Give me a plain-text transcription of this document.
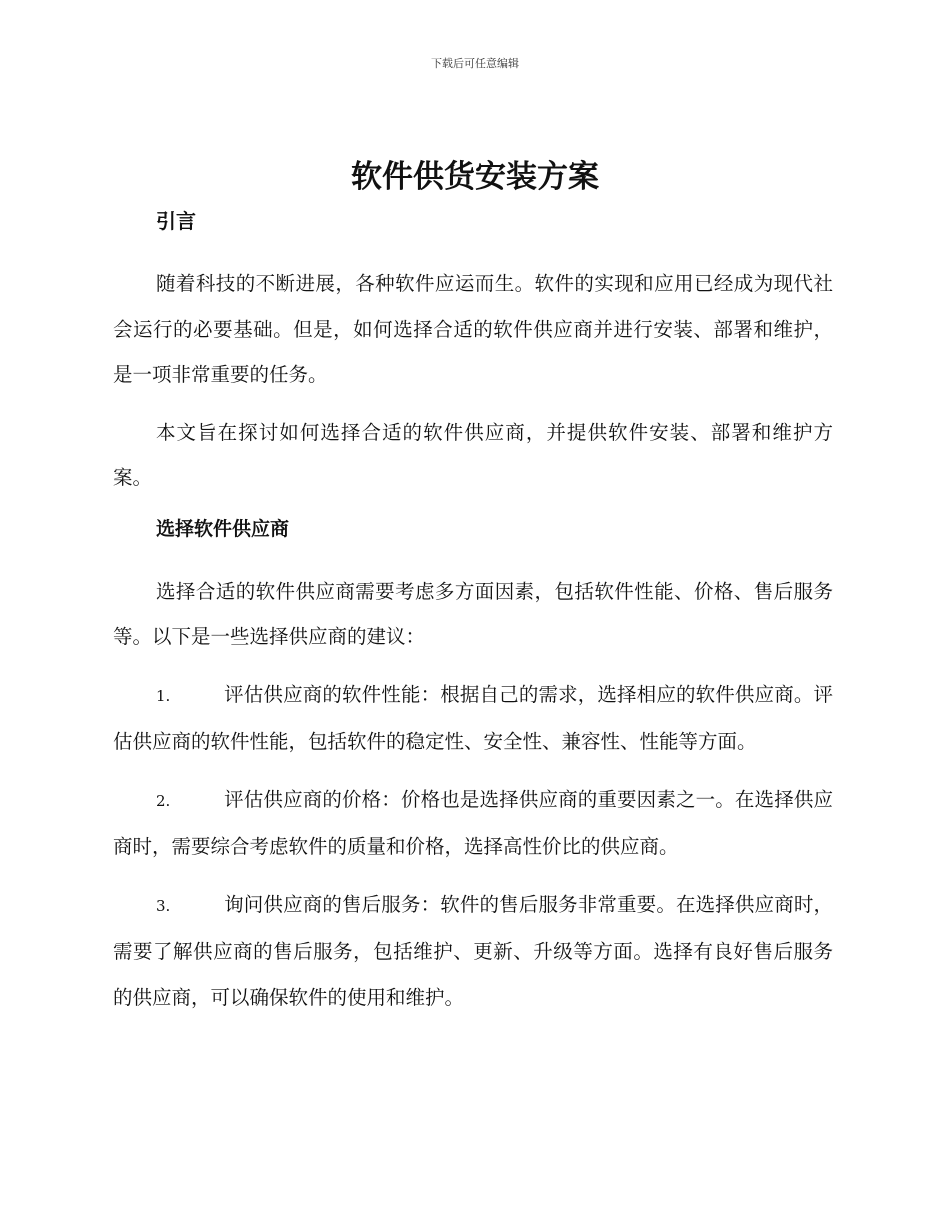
下载后可任意编辑
软件供货安装方案
引言

随着科技的不断进展，各种软件应运而生。软件的实现和应用已经成为现代社会运行的必要基础。但是，如何选择合适的软件供应商并进行安装、部署和维护，是一项非常重要的任务。

本文旨在探讨如何选择合适的软件供应商，并提供软件安装、部署和维护方案。

选择软件供应商

选择合适的软件供应商需要考虑多方面因素，包括软件性能、价格、售后服务等。以下是一些选择供应商的建议：

1.	评估供应商的软件性能：根据自己的需求，选择相应的软件供应商。评估供应商的软件性能，包括软件的稳定性、安全性、兼容性、性能等方面。

2.	评估供应商的价格：价格也是选择供应商的重要因素之一。在选择供应商时，需要综合考虑软件的质量和价格，选择高性价比的供应商。

3.	询问供应商的售后服务：软件的售后服务非常重要。在选择供应商时，需要了解供应商的售后服务，包括维护、更新、升级等方面。选择有良好售后服务的供应商，可以确保软件的使用和维护。
